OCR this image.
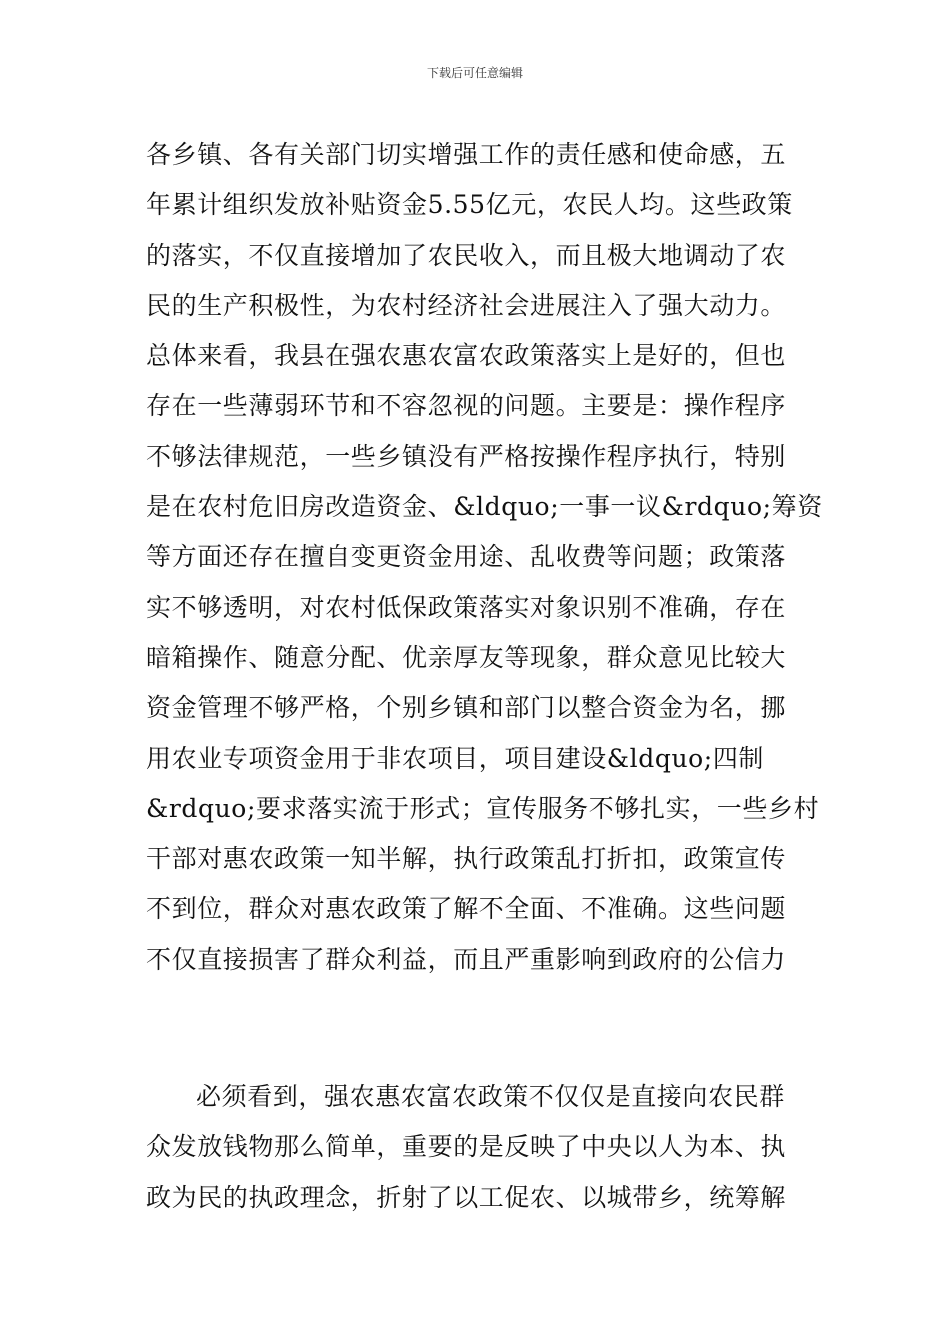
下载后可任意编辑
各乡镇、各有关部门切实增强工作的责任感和使命感，五
年累计组织发放补贴资金5.55亿元，农民人均。这些政策
的落实，不仅直接增加了农民收入，而且极大地调动了农
民的生产积极性，为农村经济社会进展注入了强大动力。
总体来看，我县在强农惠农富农政策落实上是好的，但也
存在一些薄弱环节和不容忽视的问题。主要是：操作程序
不够法律规范，一些乡镇没有严格按操作程序执行，特别
是在农村危旧房改造资金、&ldquo;一事一议&rdquo;筹资
等方面还存在擅自变更资金用途、乱收费等问题；政策落
实不够透明，对农村低保政策落实对象识别不准确，存在
暗箱操作、随意分配、优亲厚友等现象，群众意见比较大
资金管理不够严格，个别乡镇和部门以整合资金为名，挪
用农业专项资金用于非农项目，项目建设&ldquo;四制
&rdquo;要求落实流于形式；宣传服务不够扎实，一些乡村
干部对惠农政策一知半解，执行政策乱打折扣，政策宣传
不到位，群众对惠农政策了解不全面、不准确。这些问题
不仅直接损害了群众利益，而且严重影响到政府的公信力
必须看到，强农惠农富农政策不仅仅是直接向农民群
众发放钱物那么简单，重要的是反映了中央以人为本、执
政为民的执政理念，折射了以工促农、以城带乡，统筹解
